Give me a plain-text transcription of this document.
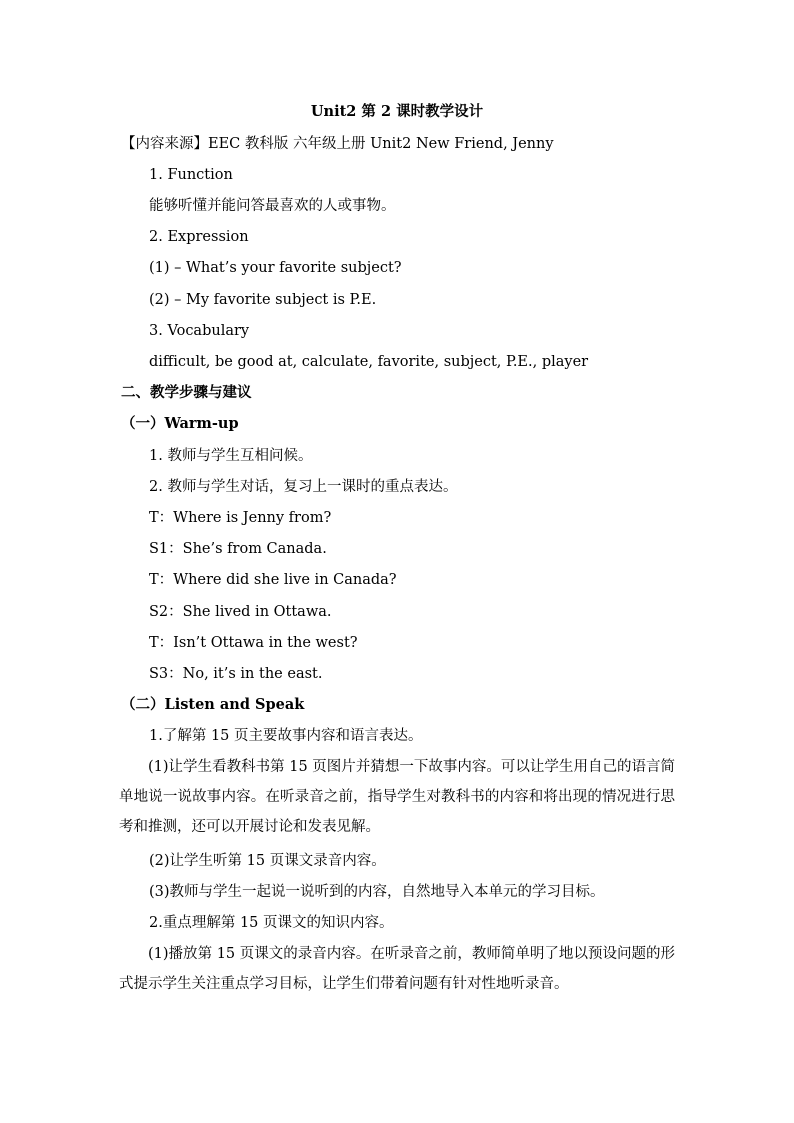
Unit2 第 2 课时教学设计
【内容来源】EEC 教科版 六年级上册 Unit2 New Friend, Jenny
1. Function
能够听懂并能问答最喜欢的人或事物。
2. Expression
(1) – What’s your favorite subject?
(2) – My favorite subject is P.E.
3. Vocabulary
difficult, be good at, calculate, favorite, subject, P.E., player
二、教学步骤与建议
（一）Warm-up
1. 教师与学生互相问候。
2. 教师与学生对话，复习上一课时的重点表达。
T：Where is Jenny from?
S1：She’s from Canada.
T：Where did she live in Canada?
S2：She lived in Ottawa.
T：Isn’t Ottawa in the west?
S3：No, it’s in the east.
（二）Listen and Speak
1.了解第 15 页主要故事内容和语言表达。
(1)让学生看教科书第 15 页图片并猜想一下故事内容。可以让学生用自己的语言简单地说一说故事内容。在听录音之前，指导学生对教科书的内容和将出现的情况进行思考和推测，还可以开展讨论和发表见解。
(2)让学生听第 15 页课文录音内容。
(3)教师与学生一起说一说听到的内容，自然地导入本单元的学习目标。
2.重点理解第 15 页课文的知识内容。
(1)播放第 15 页课文的录音内容。在听录音之前，教师简单明了地以预设问题的形式提示学生关注重点学习目标，让学生们带着问题有针对性地听录音。
